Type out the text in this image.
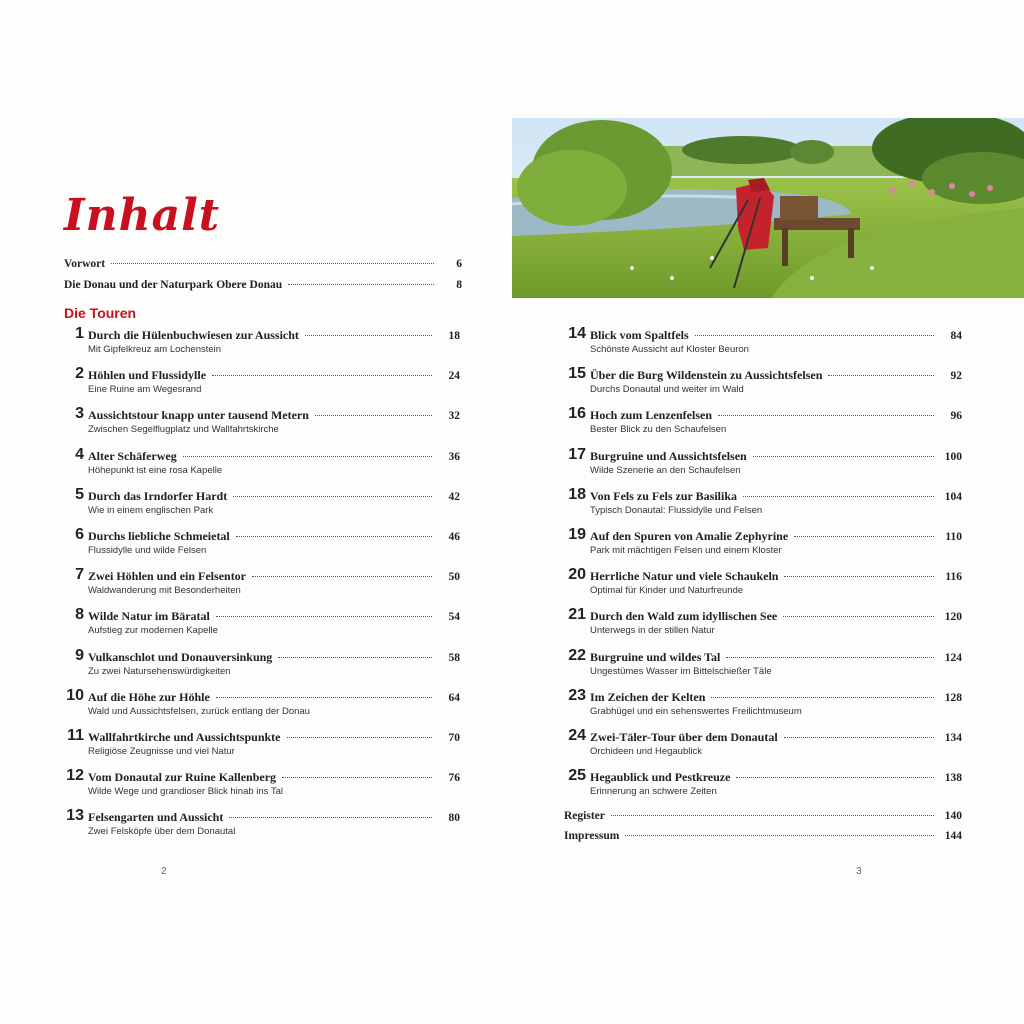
Inhalt
Vorwort	6
Die Donau und der Naturpark Obere Donau	8
Die Touren
1 Durch die Hülenbuchwiesen zur Aussicht	18
Mit Gipfelkreuz am Lochenstein
2 Höhlen und Flussidylle	24
Eine Ruine am Wegesrand
3 Aussichtstour knapp unter tausend Metern	32
Zwischen Segelflugplatz und Wallfahrtskirche
4 Alter Schäferweg	36
Höhepunkt ist eine rosa Kapelle
5 Durch das Irndorfer Hardt	42
Wie in einem englischen Park
6 Durchs liebliche Schmeietal	46
Flussidylle und wilde Felsen
7 Zwei Höhlen und ein Felsentor	50
Waldwanderung mit Besonderheiten
8 Wilde Natur im Bäratal	54
Aufstieg zur modernen Kapelle
9 Vulkanschlot und Donauversinkung	58
Zu zwei Natursehenswürdigkeiten
10 Auf die Höhe zur Höhle	64
Wald und Aussichtsfelsen, zurück entlang der Donau
11 Wallfahrtkirche und Aussichtspunkte	70
Religiöse Zeugnisse und viel Natur
12 Vom Donautal zur Ruine Kallenberg	76
Wilde Wege und grandioser Blick hinab ins Tal
13 Felsengarten und Aussicht	80
Zwei Felsköpfe über dem Donautal
2
14 Blick vom Spaltfels	84
Schönste Aussicht auf Kloster Beuron
15 Über die Burg Wildenstein zu Aussichtsfelsen	92
Durchs Donautal und weiter im Wald
16 Hoch zum Lenzenfelsen	96
Bester Blick zu den Schaufelsen
17 Burgruine und Aussichtsfelsen	100
Wilde Szenerie an den Schaufelsen
18 Von Fels zu Fels zur Basilika	104
Typisch Donautal: Flussidylle und Felsen
19 Auf den Spuren von Amalie Zephyrine	110
Park mit mächtigen Felsen und einem Kloster
20 Herrliche Natur und viele Schaukeln	116
Optimal für Kinder und Naturfreunde
21 Durch den Wald zum idyllischen See	120
Unterwegs in der stillen Natur
22 Burgruine und wildes Tal	124
Ungestümes Wasser im Bittelschießer Täle
23 Im Zeichen der Kelten	128
Grabhügel und ein sehenswertes Freilichtmuseum
24 Zwei-Täler-Tour über dem Donautal	134
Orchideen und Hegaublick
25 Hegaublick und Pestkreuze	138
Erinnerung an schwere Zeiten
Register	140
Impressum	144
3
